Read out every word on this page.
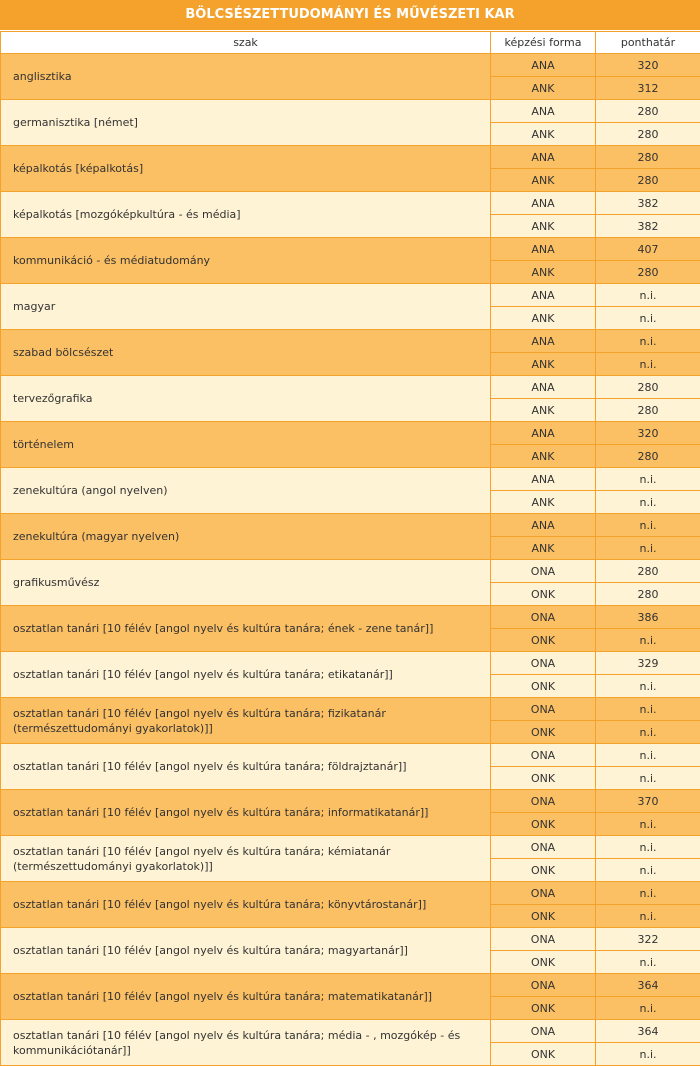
BÖLCSÉSZETTUDOMÁNYI ÉS MŰVÉSZETI KAR
szak	képzési forma	ponthatár
anglisztika	ANA	320
	ANK	312
germanisztika [német]	ANA	280
	ANK	280
képalkotás [képalkotás]	ANA	280
	ANK	280
képalkotás [mozgóképkultúra - és média]	ANA	382
	ANK	382
kommunikáció - és médiatudomány	ANA	407
	ANK	280
magyar	ANA	n.i.
	ANK	n.i.
szabad bölcsészet	ANA	n.i.
	ANK	n.i.
tervezőgrafika	ANA	280
	ANK	280
történelem	ANA	320
	ANK	280
zenekultúra (angol nyelven)	ANA	n.i.
	ANK	n.i.
zenekultúra (magyar nyelven)	ANA	n.i.
	ANK	n.i.
grafikusművész	ONA	280
	ONK	280
osztatlan tanári [10 félév [angol nyelv és kultúra tanára; ének - zene tanár]]	ONA	386
	ONK	n.i.
osztatlan tanári [10 félév [angol nyelv és kultúra tanára; etikatanár]]	ONA	329
	ONK	n.i.
osztatlan tanári [10 félév [angol nyelv és kultúra tanára; fizikatanár (természettudományi gyakorlatok)]]	ONA	n.i.
	ONK	n.i.
osztatlan tanári [10 félév [angol nyelv és kultúra tanára; földrajztanár]]	ONA	n.i.
	ONK	n.i.
osztatlan tanári [10 félév [angol nyelv és kultúra tanára; informatikatanár]]	ONA	370
	ONK	n.i.
osztatlan tanári [10 félév [angol nyelv és kultúra tanára; kémiatanár (természettudományi gyakorlatok)]]	ONA	n.i.
	ONK	n.i.
osztatlan tanári [10 félév [angol nyelv és kultúra tanára; könyvtárostanár]]	ONA	n.i.
	ONK	n.i.
osztatlan tanári [10 félév [angol nyelv és kultúra tanára; magyartanár]]	ONA	322
	ONK	n.i.
osztatlan tanári [10 félév [angol nyelv és kultúra tanára; matematikatanár]]	ONA	364
	ONK	n.i.
osztatlan tanári [10 félév [angol nyelv és kultúra tanára; média - , mozgókép - és kommunikációtanár]]	ONA	364
	ONK	n.i.
